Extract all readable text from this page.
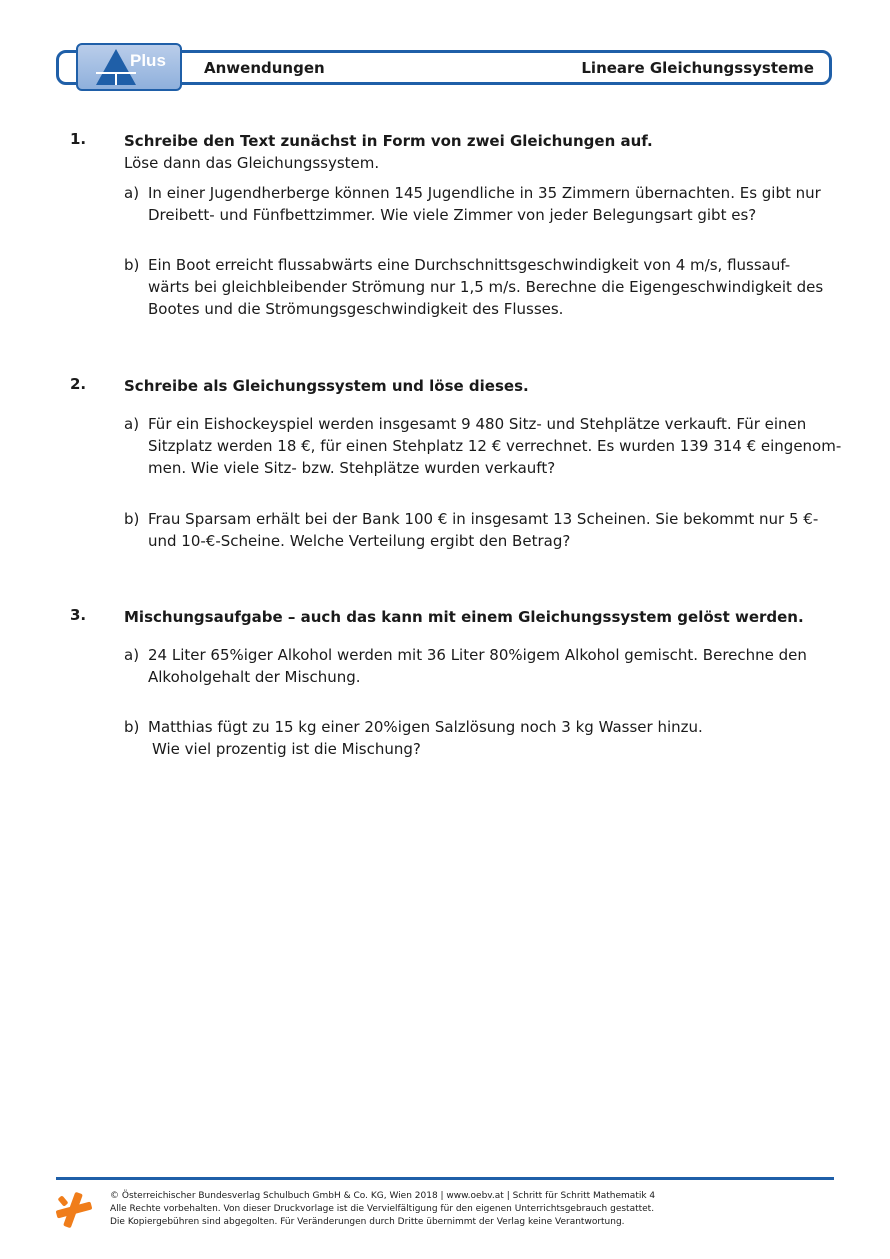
Plus	Anwendungen	Lineare Gleichungssysteme
1.	Schreibe den Text zunächst in Form von zwei Gleichungen auf.
Löse dann das Gleichungssystem.
a) In einer Jugendherberge können 145 Jugendliche in 35 Zimmern übernachten. Es gibt nur
Dreibett- und Fünfbettzimmer. Wie viele Zimmer von jeder Belegungsart gibt es?
b) Ein Boot erreicht flussabwärts eine Durchschnittsgeschwindigkeit von 4 m/s, flussauf-
wärts bei gleichbleibender Strömung nur 1,5 m/s. Berechne die Eigengeschwindigkeit des
Bootes und die Strömungsgeschwindigkeit des Flusses.
2.	Schreibe als Gleichungssystem und löse dieses.
a) Für ein Eishockeyspiel werden insgesamt 9 480 Sitz- und Stehplätze verkauft. Für einen
Sitzplatz werden 18 €, für einen Stehplatz 12 € verrechnet. Es wurden 139 314 € eingenom-
men. Wie viele Sitz- bzw. Stehplätze wurden verkauft?
b) Frau Sparsam erhält bei der Bank 100 € in insgesamt 13 Scheinen. Sie bekommt nur 5 €-
und 10-€-Scheine. Welche Verteilung ergibt den Betrag?
3.	Mischungsaufgabe – auch das kann mit einem Gleichungssystem gelöst werden.
a) 24 Liter 65%iger Alkohol werden mit 36 Liter 80%igem Alkohol gemischt. Berechne den
Alkoholgehalt der Mischung.
b) Matthias fügt zu 15 kg einer 20%igen Salzlösung noch 3 kg Wasser hinzu.
Wie viel prozentig ist die Mischung?
© Österreichischer Bundesverlag Schulbuch GmbH & Co. KG, Wien 2018 | www.oebv.at | Schritt für Schritt Mathematik 4
Alle Rechte vorbehalten. Von dieser Druckvorlage ist die Vervielfältigung für den eigenen Unterrichtsgebrauch gestattet.
Die Kopiergebühren sind abgegolten. Für Veränderungen durch Dritte übernimmt der Verlag keine Verantwortung.
